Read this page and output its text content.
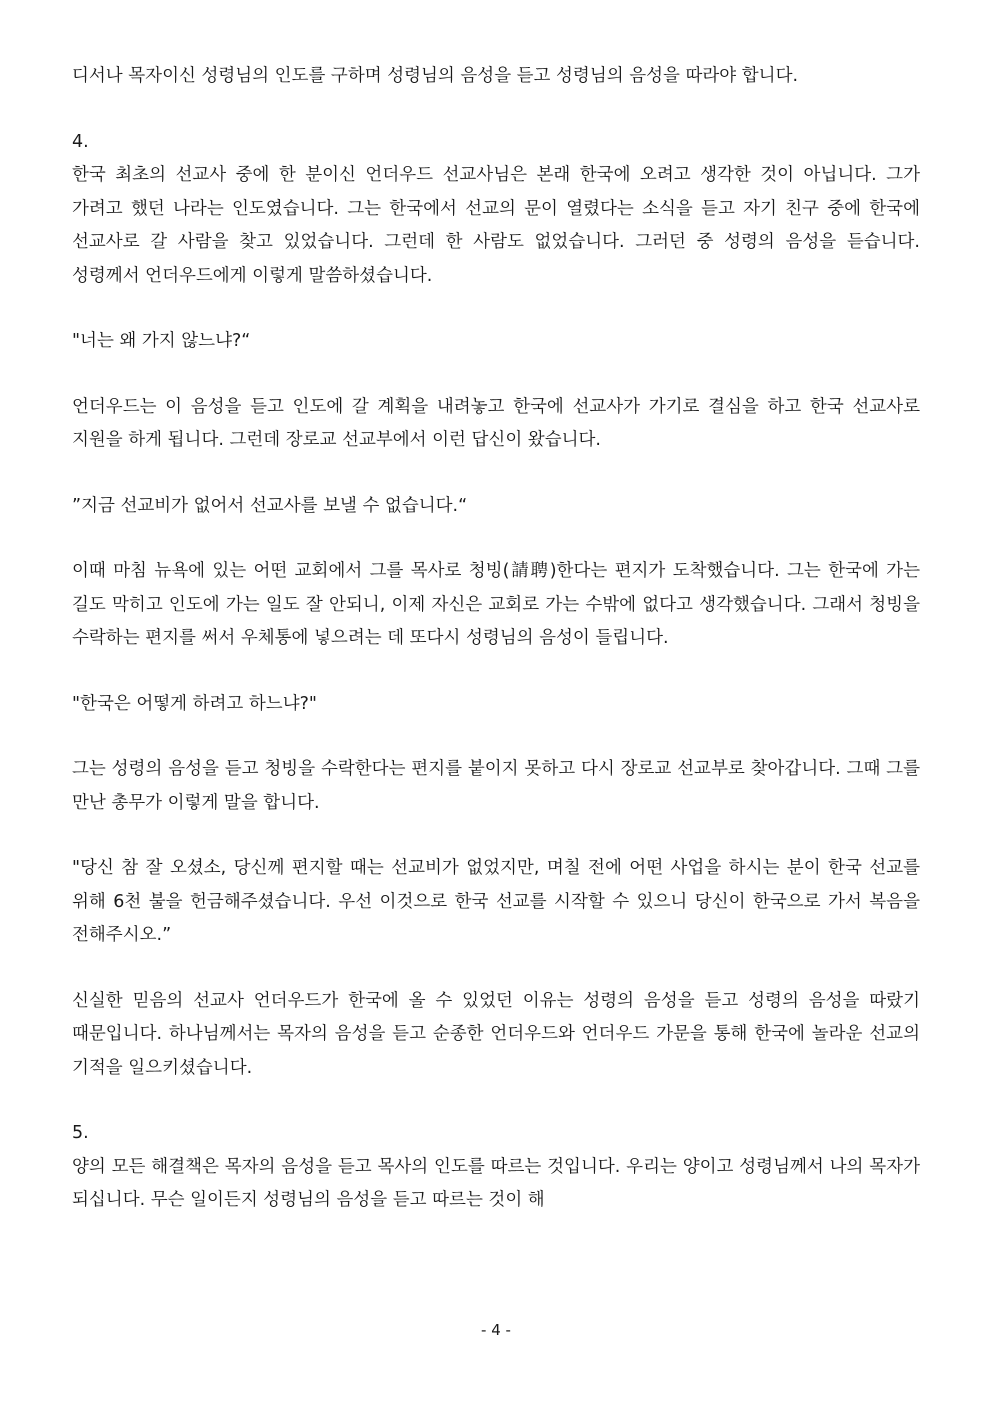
디서나 목자이신 성령님의 인도를 구하며 성령님의 음성을 듣고 성령님의 음성을 따라야 합니다.

4.

한국 최초의 선교사 중에 한 분이신 언더우드 선교사님은 본래 한국에 오려고 생각한 것이 아닙니다. 그가 가려고 했던 나라는 인도였습니다. 그는 한국에서 선교의 문이 열렸다는 소식을 듣고 자기 친구 중에 한국에 선교사로 갈 사람을 찾고 있었습니다. 그런데 한 사람도 없었습니다. 그러던 중 성령의 음성을 듣습니다. 성령께서 언더우드에게 이렇게 말씀하셨습니다.

"너는 왜 가지 않느냐?“

언더우드는 이 음성을 듣고 인도에 갈 계획을 내려놓고 한국에 선교사가 가기로 결심을 하고 한국 선교사로 지원을 하게 됩니다. 그런데 장로교 선교부에서 이런 답신이 왔습니다.

”지금 선교비가 없어서 선교사를 보낼 수 없습니다.“

이때 마침 뉴욕에 있는 어떤 교회에서 그를 목사로 청빙(請聘)한다는 편지가 도착했습니다. 그는 한국에 가는 길도 막히고 인도에 가는 일도 잘 안되니, 이제 자신은 교회로 가는 수밖에 없다고 생각했습니다. 그래서 청빙을 수락하는 편지를 써서 우체통에 넣으려는 데 또다시 성령님의 음성이 들립니다.

"한국은 어떻게 하려고 하느냐?"

그는 성령의 음성을 듣고 청빙을 수락한다는 편지를 붙이지 못하고 다시 장로교 선교부로 찾아갑니다. 그때 그를 만난 총무가 이렇게 말을 합니다.

"당신 참 잘 오셨소, 당신께 편지할 때는 선교비가 없었지만, 며칠 전에 어떤 사업을 하시는 분이 한국 선교를 위해 6천 불을 헌금해주셨습니다. 우선 이것으로 한국 선교를 시작할 수 있으니 당신이 한국으로 가서 복음을 전해주시오.”

신실한 믿음의 선교사 언더우드가 한국에 올 수 있었던 이유는 성령의 음성을 듣고 성령의 음성을 따랐기 때문입니다. 하나님께서는 목자의 음성을 듣고 순종한 언더우드와 언더우드 가문을 통해 한국에 놀라운 선교의 기적을 일으키셨습니다.

5.

양의 모든 해결책은 목자의 음성을 듣고 목사의 인도를 따르는 것입니다. 우리는 양이고 성령님께서 나의 목자가 되십니다. 무슨 일이든지 성령님의 음성을 듣고 따르는 것이 해

- 4 -
